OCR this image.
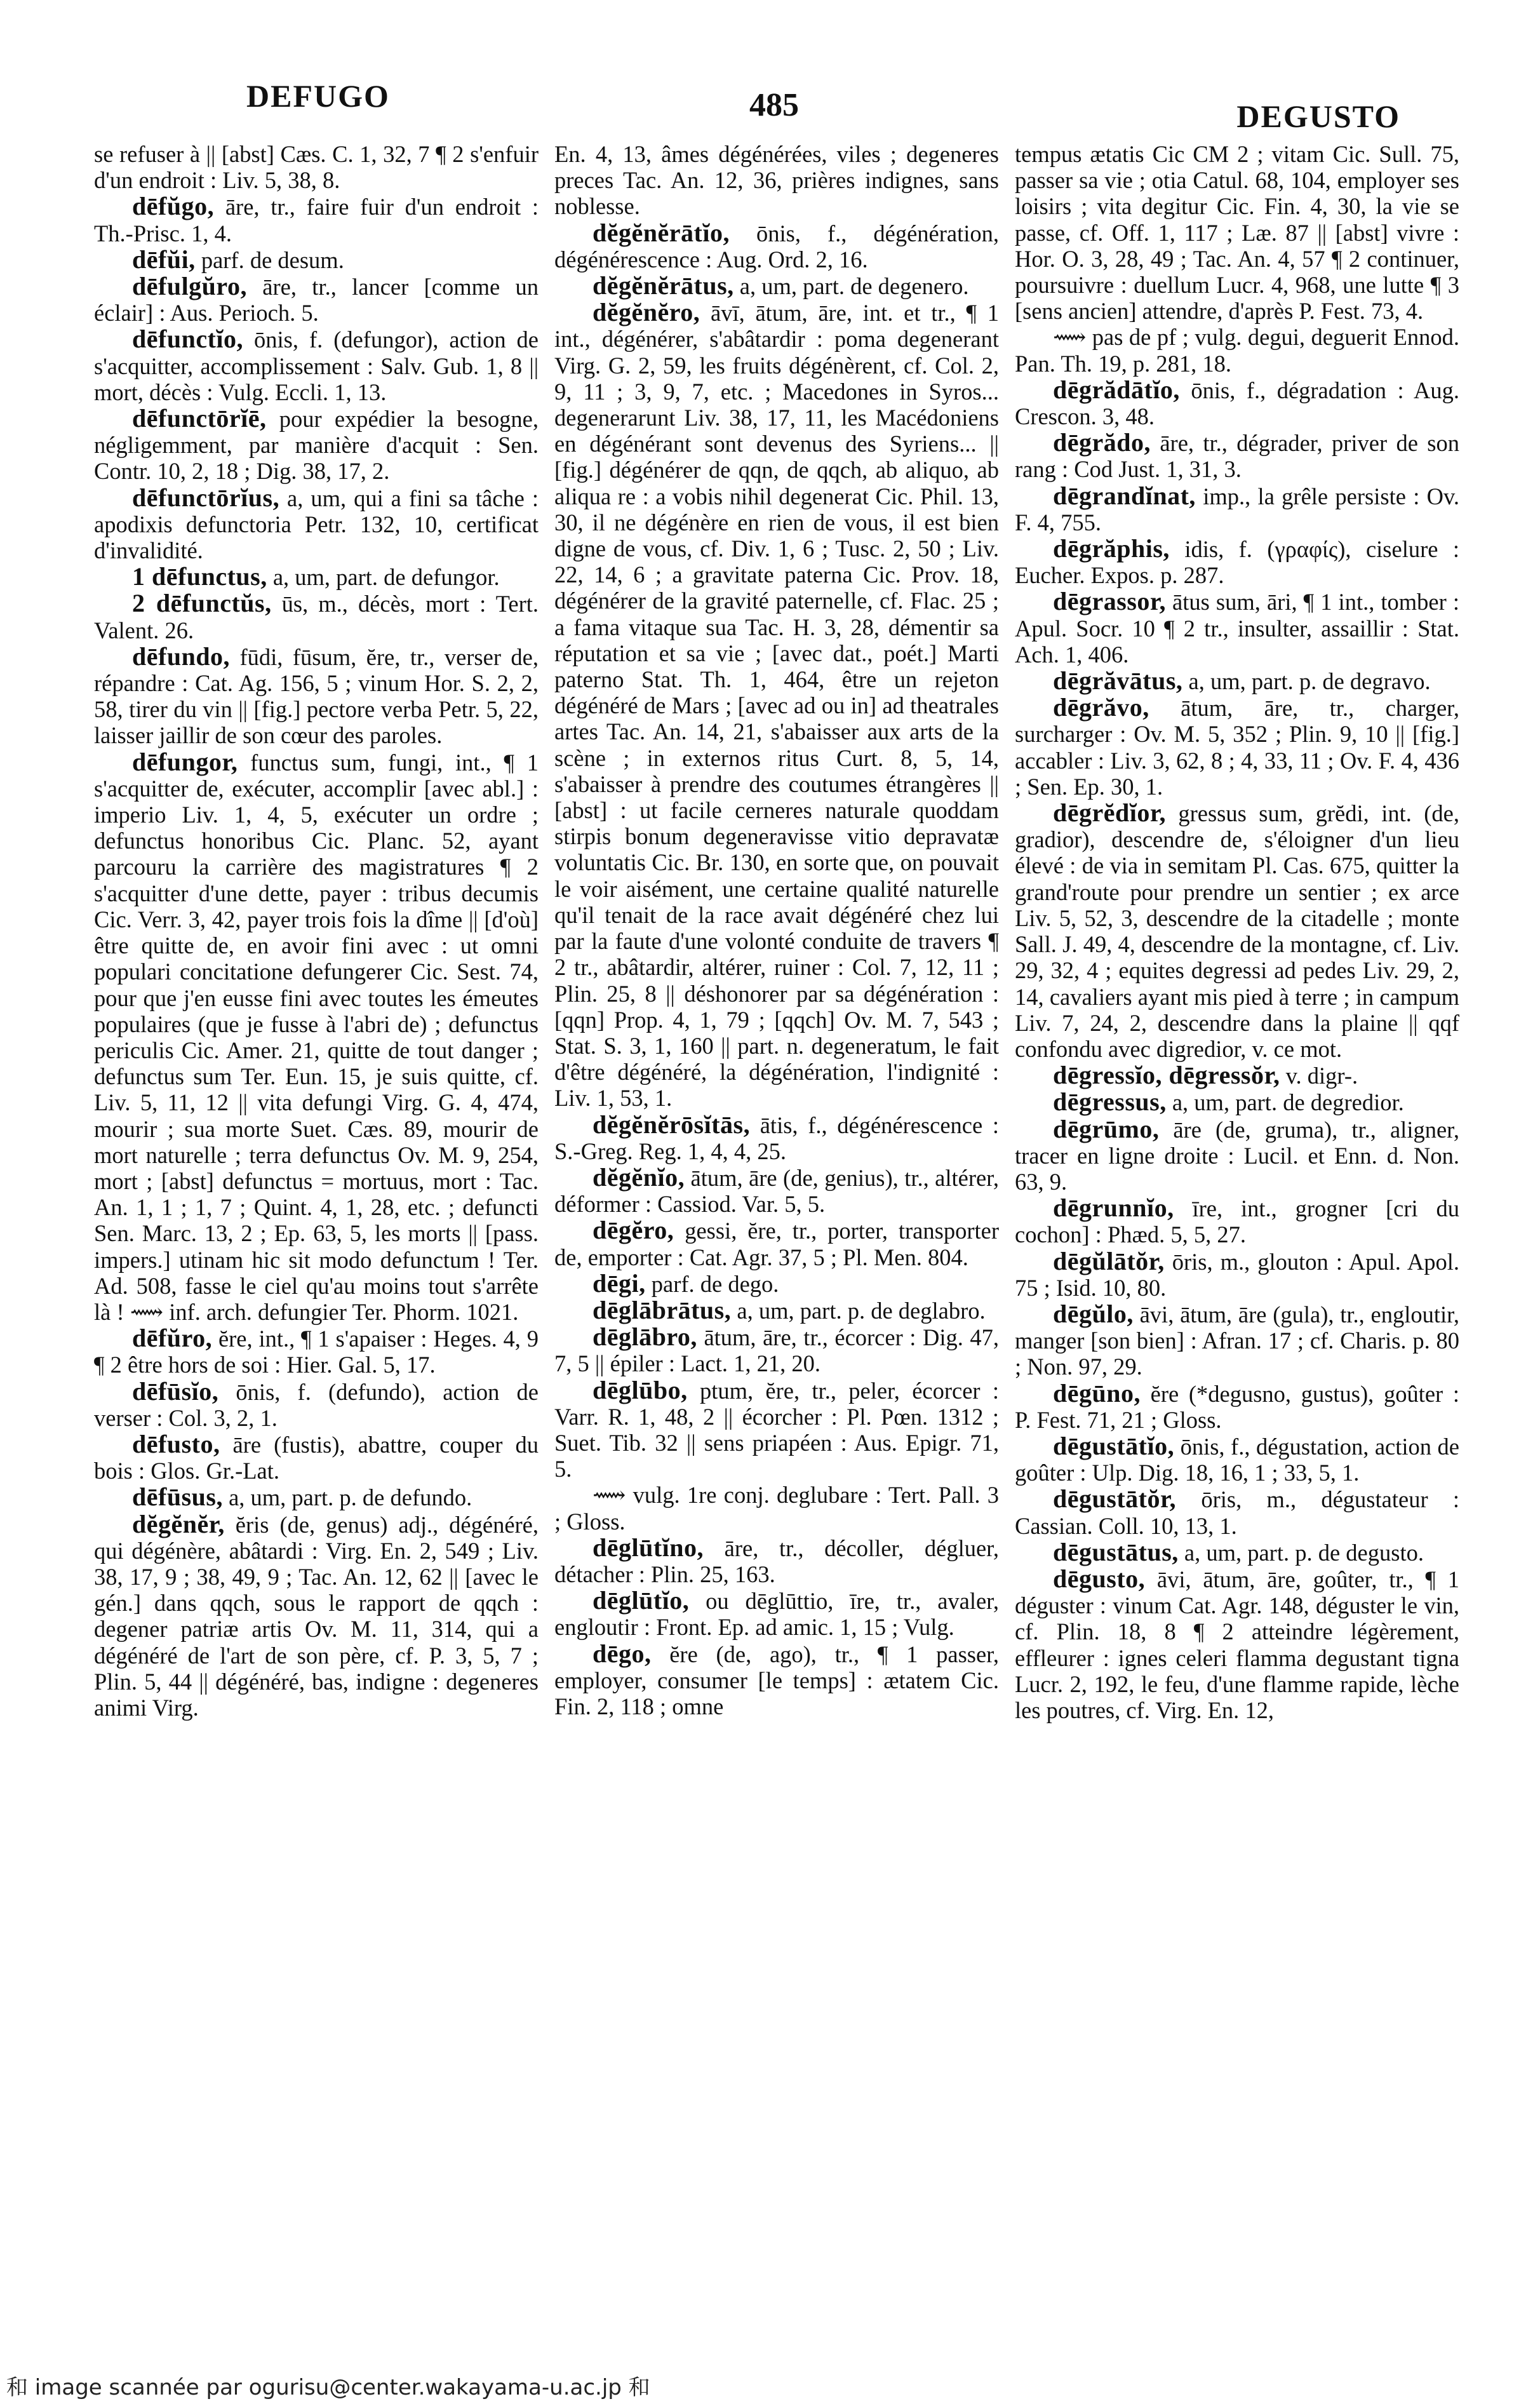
DEFUGO	485	DEGUSTO

se refuser à || [abst] Cæs. C. 1, 32, 7 ¶ 2 s'enfuir d'un endroit : Liv. 5, 38, 8.

dēfŭgo, āre, tr., faire fuir d'un endroit : Th.-Prisc. 1, 4.

dēfŭi, parf. de desum.

dēfulgŭro, āre, tr., lancer [comme un éclair] : Aus. Perioch. 5.

dēfunctĭo, ōnis, f. (defungor), action de s'acquitter, accomplissement : Salv. Gub. 1, 8 || mort, décès : Vulg. Eccli. 1, 13.

dēfunctōrĭē, pour expédier la besogne, négligemment, par manière d'acquit : Sen. Contr. 10, 2, 18 ; Dig. 38, 17, 2.

dēfunctōrĭus, a, um, qui a fini sa tâche : apodixis defunctoria Petr. 132, 10, certificat d'invalidité.

1 dēfunctus, a, um, part. de defungor.

2 dēfunctŭs, ūs, m., décès, mort : Tert. Valent. 26.

dēfundo, fūdi, fūsum, ĕre, tr., verser de, répandre : Cat. Ag. 156, 5 ; vinum Hor. S. 2, 2, 58, tirer du vin || [fig.] pectore verba Petr. 5, 22, laisser jaillir de son cœur des paroles.

dēfungor, functus sum, fungi, int., ¶ 1 s'acquitter de, exécuter, accomplir [avec abl.] : imperio Liv. 1, 4, 5, exécuter un ordre ; defunctus honoribus Cic. Planc. 52, ayant parcouru la carrière des magistratures ¶ 2 s'acquitter d'une dette, payer : tribus decumis Cic. Verr. 3, 42, payer trois fois la dîme || [d'où] être quitte de, en avoir fini avec : ut omni populari concitatione defungerer Cic. Sest. 74, pour que j'en eusse fini avec toutes les émeutes populaires (que je fusse à l'abri de) ; defunctus periculis Cic. Amer. 21, quitte de tout danger ; defunctus sum Ter. Eun. 15, je suis quitte, cf. Liv. 5, 11, 12 || vita defungi Virg. G. 4, 474, mourir ; sua morte Suet. Cæs. 89, mourir de mort naturelle ; terra defunctus Ov. M. 9, 254, mort ; [abst] defunctus = mortuus, mort : Tac. An. 1, 1 ; 1, 7 ; Quint. 4, 1, 28, etc. ; defuncti Sen. Marc. 13, 2 ; Ep. 63, 5, les morts || [pass. impers.] utinam hic sit modo defunctum ! Ter. Ad. 508, fasse le ciel qu'au moins tout s'arrête là ! ⟿ inf. arch. defungier Ter. Phorm. 1021.

dēfŭro, ĕre, int., ¶ 1 s'apaiser : Heges. 4, 9 ¶ 2 être hors de soi : Hier. Gal. 5, 17.

dēfūsĭo, ōnis, f. (defundo), action de verser : Col. 3, 2, 1.

dēfusto, āre (fustis), abattre, couper du bois : Glos. Gr.-Lat.

dēfūsus, a, um, part. p. de defundo.

dĕgĕnĕr, ĕris (de, genus) adj., dégénéré, qui dégénère, abâtardi : Virg. En. 2, 549 ; Liv. 38, 17, 9 ; 38, 49, 9 ; Tac. An. 12, 62 || [avec le gén.] dans qqch, sous le rapport de qqch : degener patriæ artis Ov. M. 11, 314, qui a dégénéré de l'art de son père, cf. P. 3, 5, 7 ; Plin. 5, 44 || dégénéré, bas, indigne : degeneres animi Virg.

En. 4, 13, âmes dégénérées, viles ; degeneres preces Tac. An. 12, 36, prières indignes, sans noblesse.

dĕgĕnĕrātĭo, ōnis, f., dégénération, dégénérescence : Aug. Ord. 2, 16.

dĕgĕnĕrātus, a, um, part. de degenero.

dĕgĕnĕro, āvī, ātum, āre, int. et tr., ¶ 1 int., dégénérer, s'abâtardir : poma degenerant Virg. G. 2, 59, les fruits dégénèrent, cf. Col. 2, 9, 11 ; 3, 9, 7, etc. ; Macedones in Syros... degenerarunt Liv. 38, 17, 11, les Macédoniens en dégénérant sont devenus des Syriens... || [fig.] dégénérer de qqn, de qqch, ab aliquo, ab aliqua re : a vobis nihil degenerat Cic. Phil. 13, 30, il ne dégénère en rien de vous, il est bien digne de vous, cf. Div. 1, 6 ; Tusc. 2, 50 ; Liv. 22, 14, 6 ; a gravitate paterna Cic. Prov. 18, dégénérer de la gravité paternelle, cf. Flac. 25 ; a fama vitaque sua Tac. H. 3, 28, démentir sa réputation et sa vie ; [avec dat., poét.] Marti paterno Stat. Th. 1, 464, être un rejeton dégénéré de Mars ; [avec ad ou in] ad theatrales artes Tac. An. 14, 21, s'abaisser aux arts de la scène ; in externos ritus Curt. 8, 5, 14, s'abaisser à prendre des coutumes étrangères || [abst] : ut facile cerneres naturale quoddam stirpis bonum degeneravisse vitio depravatæ voluntatis Cic. Br. 130, en sorte que, on pouvait le voir aisément, une certaine qualité naturelle qu'il tenait de la race avait dégénéré chez lui par la faute d'une volonté conduite de travers ¶ 2 tr., abâtardir, altérer, ruiner : Col. 7, 12, 11 ; Plin. 25, 8 || déshonorer par sa dégénération : [qqn] Prop. 4, 1, 79 ; [qqch] Ov. M. 7, 543 ; Stat. S. 3, 1, 160 || part. n. degeneratum, le fait d'être dégénéré, la dégénération, l'indignité : Liv. 1, 53, 1.

dĕgĕnĕrōsĭtās, ātis, f., dégénérescence : S.-Greg. Reg. 1, 4, 4, 25.

dĕgĕnĭo, ātum, āre (de, genius), tr., altérer, déformer : Cassiod. Var. 5, 5.

dēgĕro, gessi, ĕre, tr., porter, transporter de, emporter : Cat. Agr. 37, 5 ; Pl. Men. 804.

dēgi, parf. de dego.

dēglābrātus, a, um, part. p. de deglabro.

dēglābro, ātum, āre, tr., écorcer : Dig. 47, 7, 5 || épiler : Lact. 1, 21, 20.

dēglūbo, ptum, ĕre, tr., peler, écorcer : Varr. R. 1, 48, 2 || écorcher : Pl. Pœn. 1312 ; Suet. Tib. 32 || sens priapéen : Aus. Epigr. 71, 5.

⟿ vulg. 1re conj. deglubare : Tert. Pall. 3 ; Gloss.

dēglūtĭno, āre, tr., décoller, dégluer, détacher : Plin. 25, 163.

dēglūtĭo, ou dēglūttio, īre, tr., avaler, engloutir : Front. Ep. ad amic. 1, 15 ; Vulg.

dēgo, ĕre (de, ago), tr., ¶ 1 passer, employer, consumer [le temps] : ætatem Cic. Fin. 2, 118 ; omne

tempus ætatis Cic CM 2 ; vitam Cic. Sull. 75, passer sa vie ; otia Catul. 68, 104, employer ses loisirs ; vita degitur Cic. Fin. 4, 30, la vie se passe, cf. Off. 1, 117 ; Læ. 87 || [abst] vivre : Hor. O. 3, 28, 49 ; Tac. An. 4, 57 ¶ 2 continuer, poursuivre : duellum Lucr. 4, 968, une lutte ¶ 3 [sens ancien] attendre, d'après P. Fest. 73, 4.

⟿ pas de pf ; vulg. degui, deguerit Ennod. Pan. Th. 19, p. 281, 18.

dēgrădātĭo, ōnis, f., dégradation : Aug. Crescon. 3, 48.

dēgrădo, āre, tr., dégrader, priver de son rang : Cod Just. 1, 31, 3.

dēgrandĭnat, imp., la grêle persiste : Ov. F. 4, 755.

dēgrăphis, idis, f. (γραφίς), ciselure : Eucher. Expos. p. 287.

dēgrassor, ātus sum, āri, ¶ 1 int., tomber : Apul. Socr. 10 ¶ 2 tr., insulter, assaillir : Stat. Ach. 1, 406.

dēgrăvātus, a, um, part. p. de degravo.

dēgrăvo, ātum, āre, tr., charger, surcharger : Ov. M. 5, 352 ; Plin. 9, 10 || [fig.] accabler : Liv. 3, 62, 8 ; 4, 33, 11 ; Ov. F. 4, 436 ; Sen. Ep. 30, 1.

dēgrĕdĭor, gressus sum, grĕdi, int. (de, gradior), descendre de, s'éloigner d'un lieu élevé : de via in semitam Pl. Cas. 675, quitter la grand'route pour prendre un sentier ; ex arce Liv. 5, 52, 3, descendre de la citadelle ; monte Sall. J. 49, 4, descendre de la montagne, cf. Liv. 29, 32, 4 ; equites degressi ad pedes Liv. 29, 2, 14, cavaliers ayant mis pied à terre ; in campum Liv. 7, 24, 2, descendre dans la plaine || qqf confondu avec digredior, v. ce mot.

dēgressĭo, dēgressŏr, v. digr-.

dēgressus, a, um, part. de degredior.

dēgrūmo, āre (de, gruma), tr., aligner, tracer en ligne droite : Lucil. et Enn. d. Non. 63, 9.

dēgrunnĭo, īre, int., grogner [cri du cochon] : Phæd. 5, 5, 27.

dēgŭlātŏr, ōris, m., glouton : Apul. Apol. 75 ; Isid. 10, 80.

dēgŭlo, āvi, ātum, āre (gula), tr., engloutir, manger [son bien] : Afran. 17 ; cf. Charis. p. 80 ; Non. 97, 29.

dēgūno, ĕre (*degusno, gustus), goûter : P. Fest. 71, 21 ; Gloss.

dēgustātĭo, ōnis, f., dégustation, action de goûter : Ulp. Dig. 18, 16, 1 ; 33, 5, 1.

dēgustātŏr, ōris, m., dégustateur : Cassian. Coll. 10, 13, 1.

dēgustātus, a, um, part. p. de degusto.

dēgusto, āvi, ātum, āre, goûter, tr., ¶ 1 déguster : vinum Cat. Agr. 148, déguster le vin, cf. Plin. 18, 8 ¶ 2 atteindre légèrement, effleurer : ignes celeri flamma degustant tigna Lucr. 2, 192, le feu, d'une flamme rapide, lèche les poutres, cf. Virg. En. 12,

和 image scannée par ogurisu@center.wakayama-u.ac.jp 和
